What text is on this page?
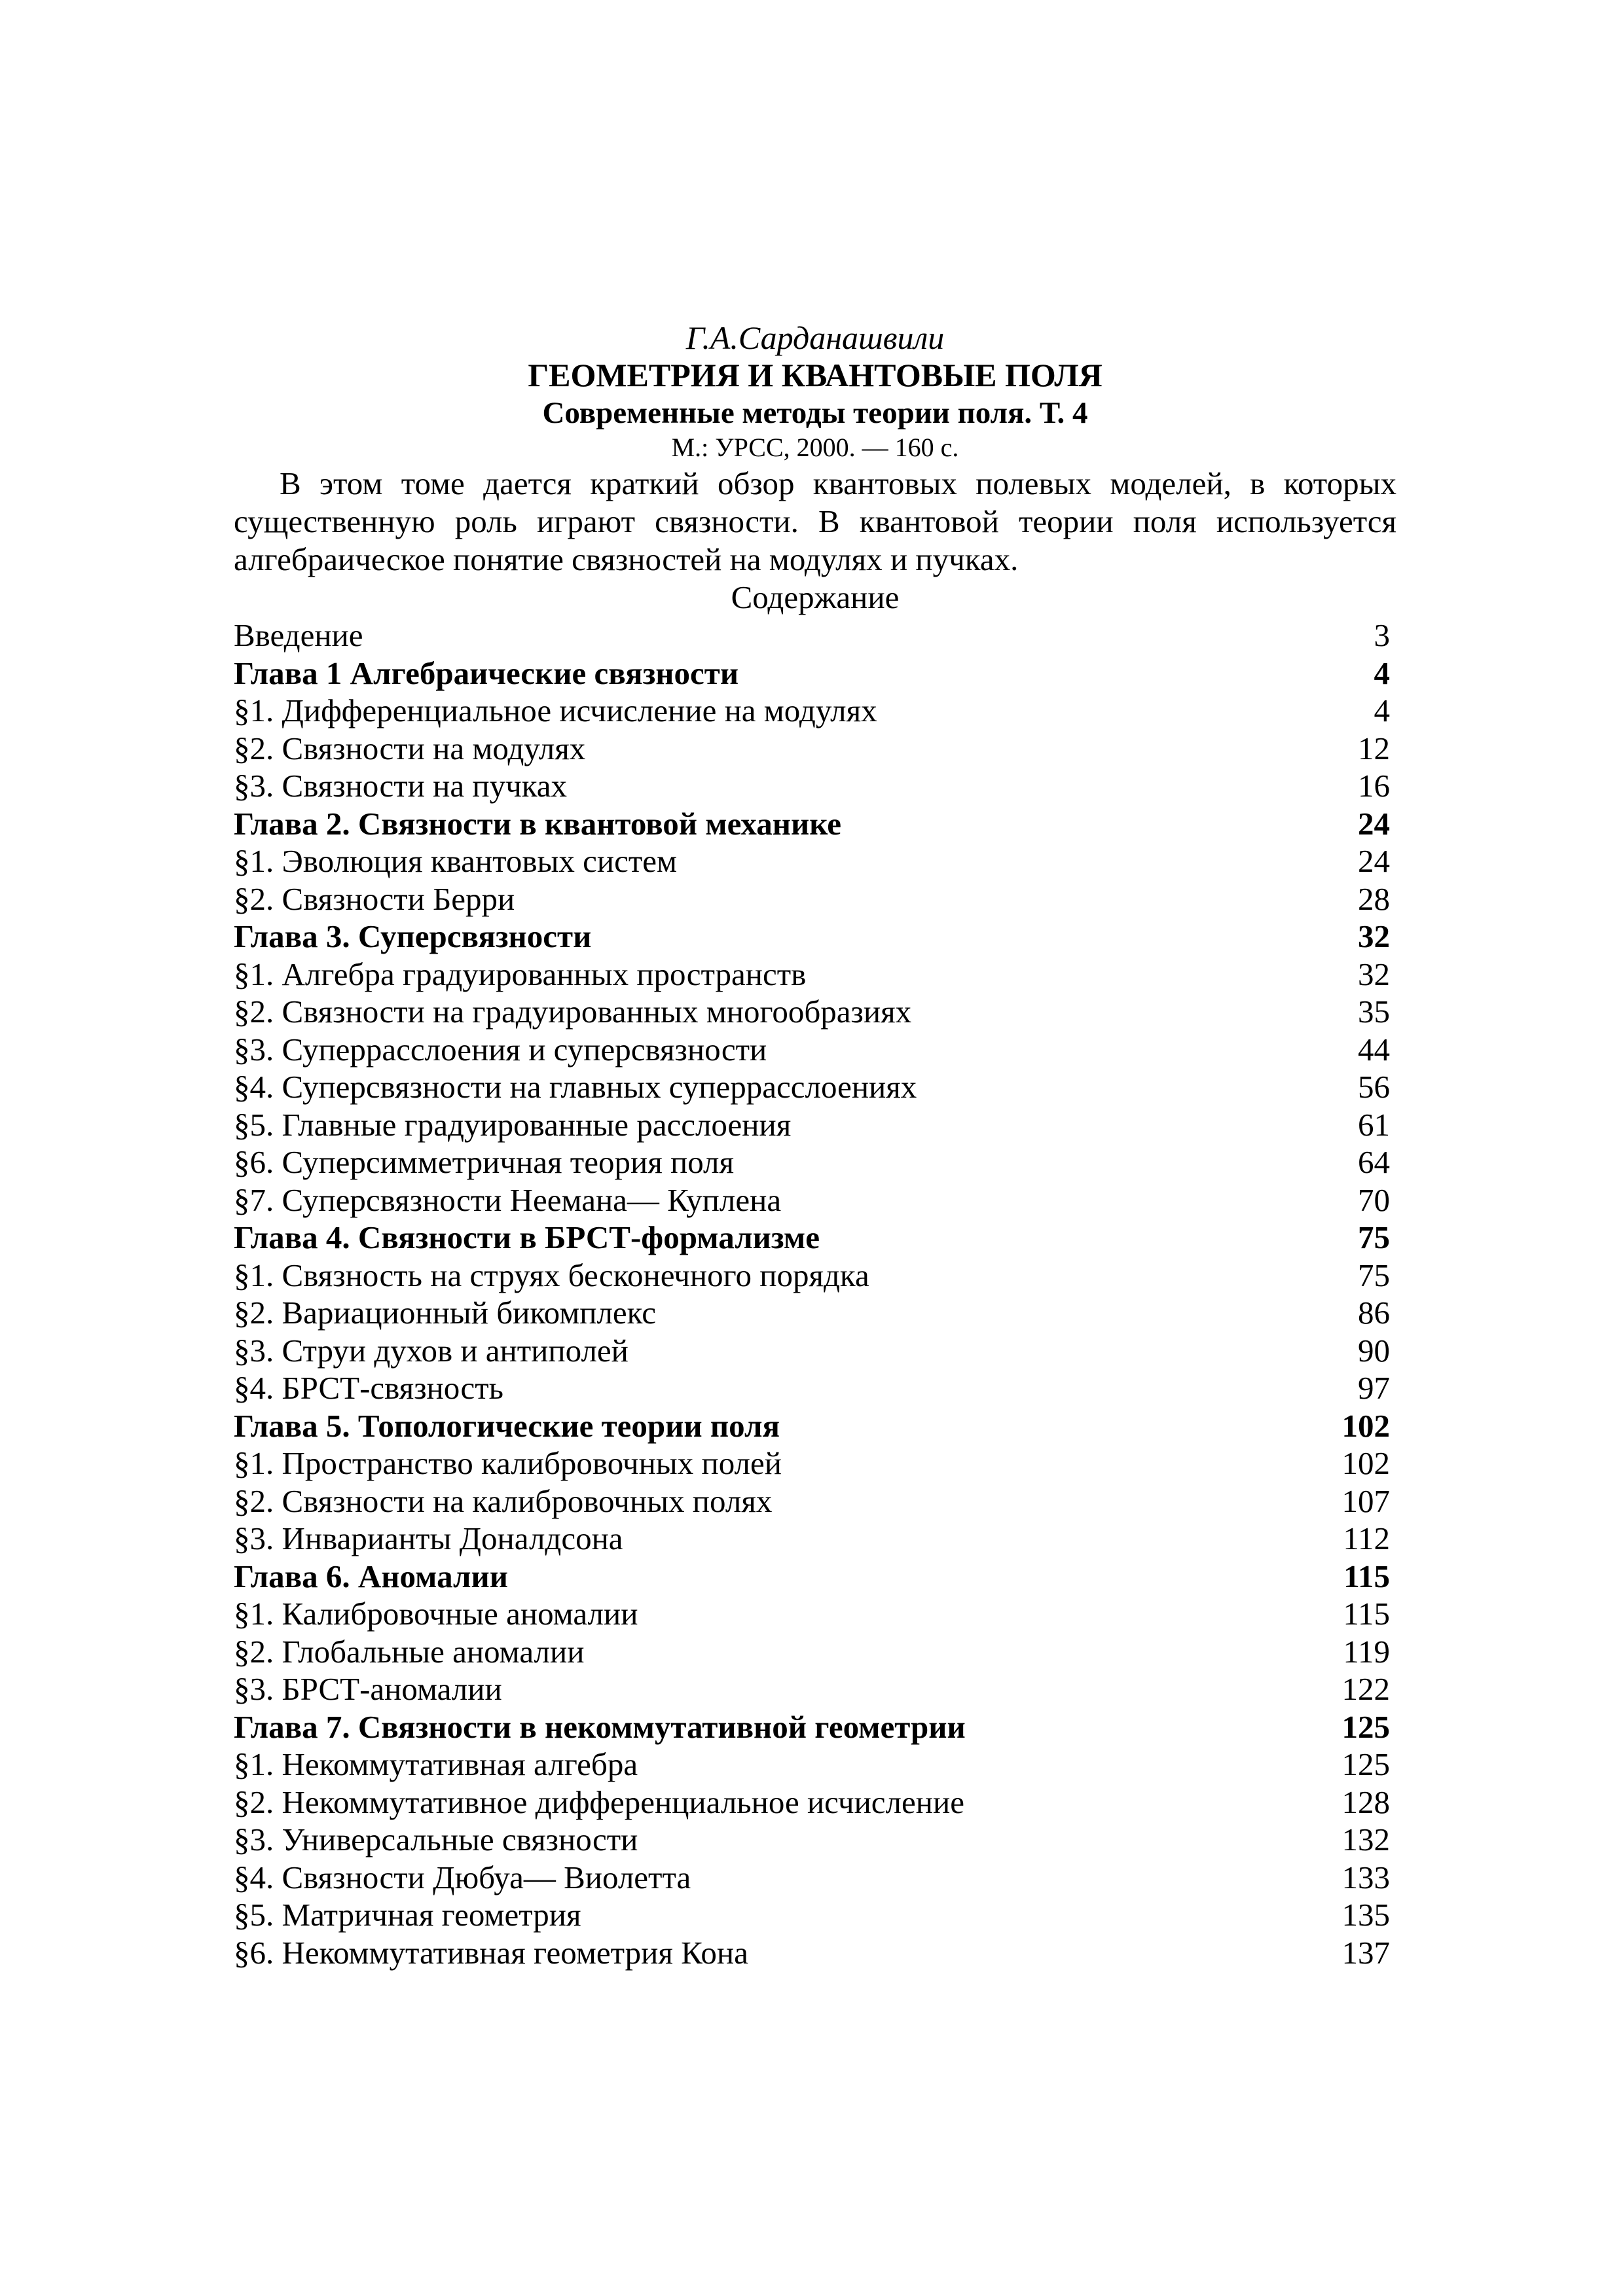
Г.А.Сарданашвили
ГЕОМЕТРИЯ И КВАНТОВЫЕ ПОЛЯ
Современные методы теории поля. Т. 4
М.: УРСС, 2000. — 160 с.
В этом томе дается краткий обзор квантовых полевых моделей, в которых существенную роль играют связности. В квантовой теории поля используется алгебраическое понятие связностей на модулях и пучках.
Содержание
Введение	3
Глава 1 Алгебраические связности	4
§1. Дифференциальное исчисление на модулях	4
§2. Связности на модулях	12
§3. Связности на пучках	16
Глава 2. Связности в квантовой механике	24
§1. Эволюция квантовых систем	24
§2. Связности Берри	28
Глава 3. Суперсвязности	32
§1. Алгебра градуированных пространств	32
§2. Связности на градуированных многообразиях	35
§3. Суперрасслоения и суперсвязности	44
§4. Суперсвязности на главных суперрасслоениях	56
§5. Главные градуированные расслоения	61
§6. Суперсимметричная теория поля	64
§7. Суперсвязности Неемана— Куплена	70
Глава 4. Связности в БРСТ-формализме	75
§1. Связность на струях бесконечного порядка	75
§2. Вариационный бикомплекс	86
§3. Струи духов и антиполей	90
§4. БРСТ-связность	97
Глава 5. Топологические теории поля	102
§1. Пространство калибровочных полей	102
§2. Связности на калибровочных полях	107
§3. Инварианты Доналдсона	112
Глава 6. Аномалии	115
§1. Калибровочные аномалии	115
§2. Глобальные аномалии	119
§3. БРСТ-аномалии	122
Глава 7. Связности в некоммутативной геометрии	125
§1. Некоммутативная алгебра	125
§2. Некоммутативное дифференциальное исчисление	128
§3. Универсальные связности	132
§4. Связности Дюбуа— Виолетта	133
§5. Матричная геометрия	135
§6. Некоммутативная геометрия Кона	137
